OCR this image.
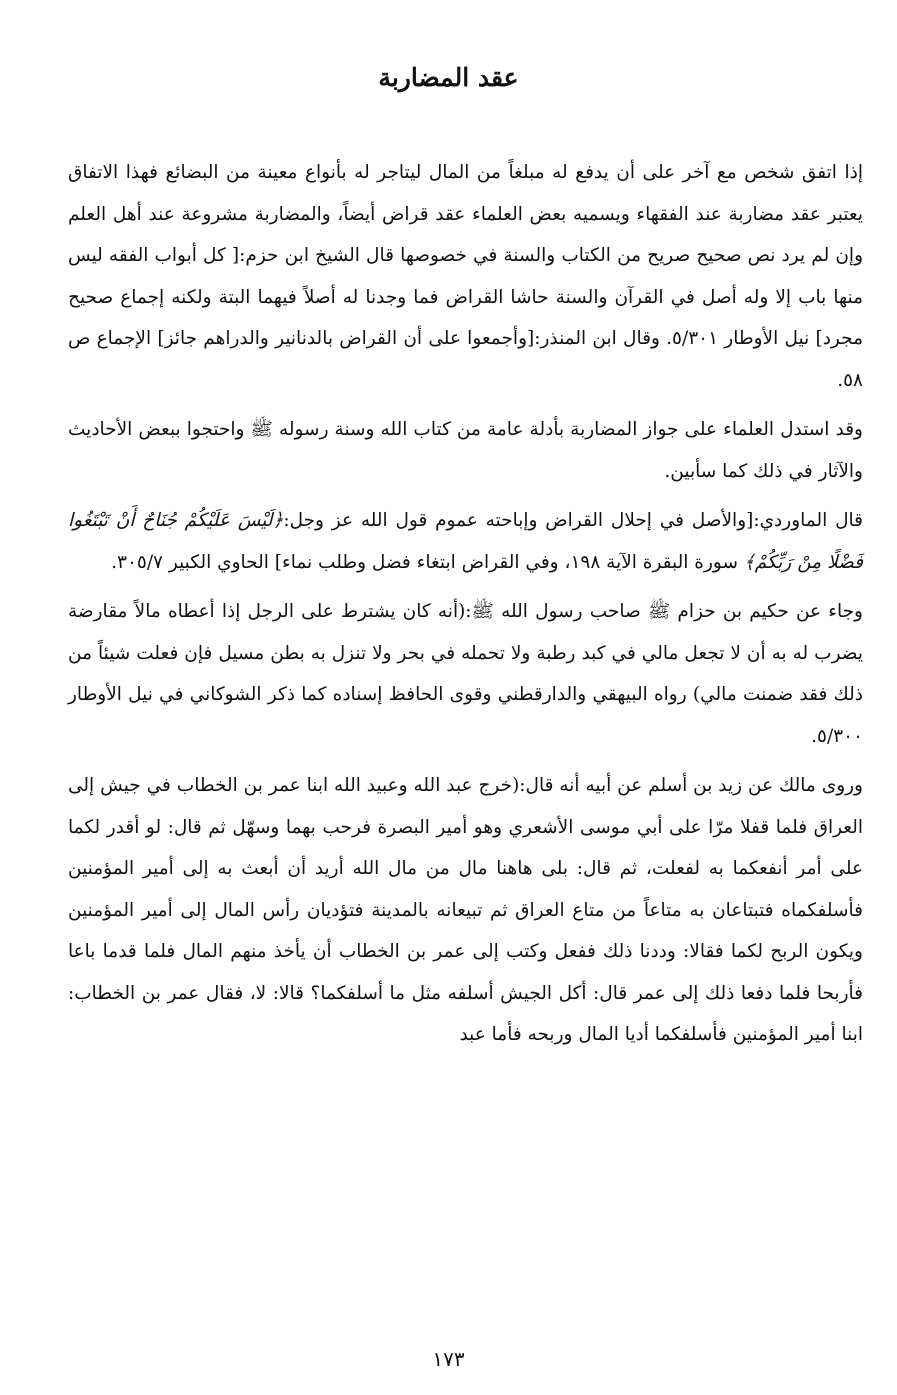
عقد المضاربة

إذا اتفق شخص مع آخر على أن يدفع له مبلغاً من المال ليتاجر له بأنواع معينة من البضائع فهذا الاتفاق يعتبر عقد مضاربة عند الفقهاء ويسميه بعض العلماء عقد قراض أيضاً، والمضاربة مشروعة عند أهل العلم وإن لم يرد نص صحيح صريح من الكتاب والسنة في خصوصها قال الشيخ ابن حزم:[ كل أبواب الفقه ليس منها باب إلا وله أصل في القرآن والسنة حاشا القراض فما وجدنا له أصلاً فيهما البتة ولكنه إجماع صحيح مجرد] نيل الأوطار ٥/٣٠١. وقال ابن المنذر:[وأجمعوا على أن القراض بالدنانير والدراهم جائز] الإجماع ص ٥٨.

وقد استدل العلماء على جواز المضاربة بأدلة عامة من كتاب الله وسنة رسوله ﷺ واحتجوا ببعض الأحاديث والآثار في ذلك كما سأبين.

قال الماوردي:[والأصل في إحلال القراض وإباحته عموم قول الله عز وجل:﴿لَيْسَ عَلَيْكُمْ جُنَاحٌ أَنْ تَبْتَغُوا فَضْلًا مِنْ رَبِّكُمْ﴾ سورة البقرة الآية ١٩٨، وفي القراض ابتغاء فضل وطلب نماء] الحاوي الكبير ٣٠٥/٧.

وجاء عن حكيم بن حزام ﷺ صاحب رسول الله ﷺ:(أنه كان يشترط على الرجل إذا أعطاه مالاً مقارضة يضرب له به أن لا تجعل مالي في كبد رطبة ولا تحمله في بحر ولا تنزل به بطن مسيل فإن فعلت شيئاً من ذلك فقد ضمنت مالي) رواه البيهقي والدارقطني وقوى الحافظ إسناده كما ذكر الشوكاني في نيل الأوطار ٥/٣٠٠.

وروى مالك عن زيد بن أسلم عن أبيه أنه قال:(خرج عبد الله وعبيد الله ابنا عمر بن الخطاب في جيش إلى العراق فلما قفلا مرّا على أبي موسى الأشعري وهو أمير البصرة فرحب بهما وسهّل ثم قال: لو أقدر لكما على أمر أنفعكما به لفعلت، ثم قال: بلى هاهنا مال من مال الله أريد أن أبعث به إلى أمير المؤمنين فأسلفكماه فتبتاعان به متاعاً من متاع العراق ثم تبيعانه بالمدينة فتؤديان رأس المال إلى أمير المؤمنين ويكون الربح لكما فقالا: وددنا ذلك ففعل وكتب إلى عمر بن الخطاب أن يأخذ منهم المال فلما قدما باعا فأربحا فلما دفعا ذلك إلى عمر قال: أكل الجيش أسلفه مثل ما أسلفكما؟ قالا: لا، فقال عمر بن الخطاب: ابنا أمير المؤمنين فأسلفكما أديا المال وربحه فأما عبد

١٧٣
